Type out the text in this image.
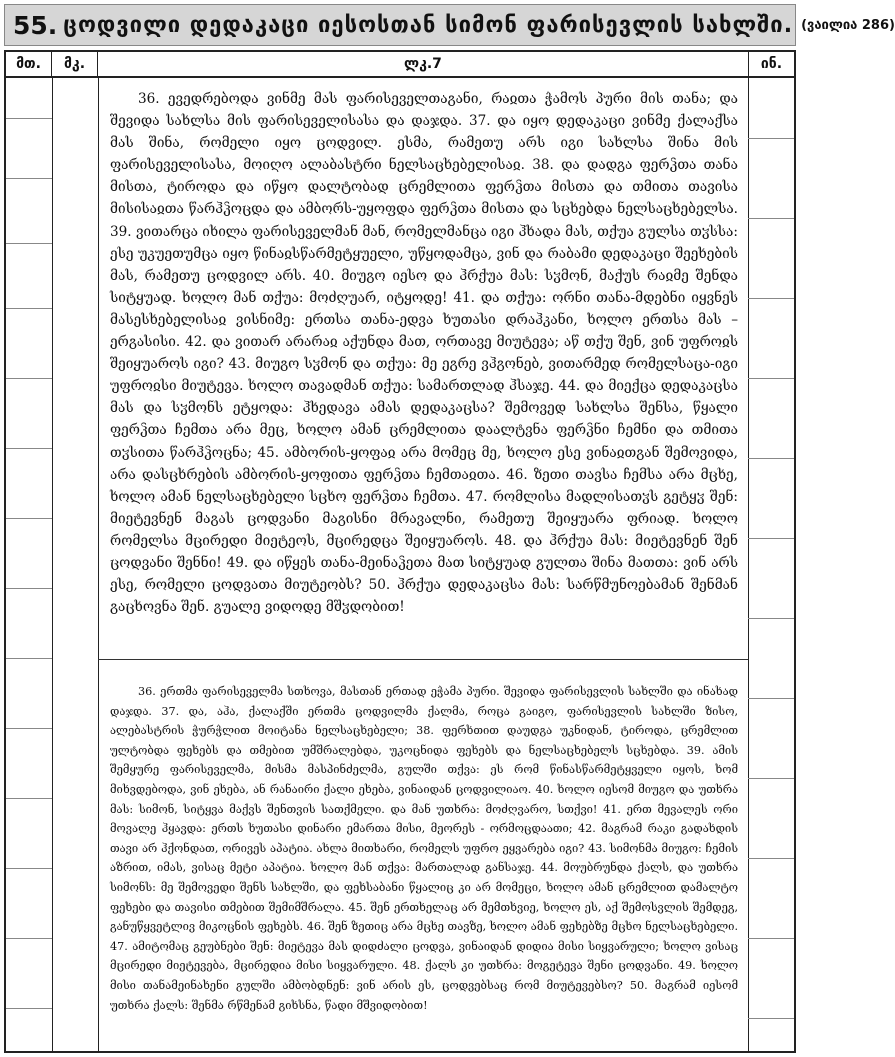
55. ცოდვილი დედაკაცი იესოსთან სიმონ ფარისევლის სახლში. (ვაილია 286)
მთ.	მკ.	ლკ.7	ინ.

36. ევედრებოდა ვინმე მას ფარისეველთაგანი, რაჲთა ჭამოს პური მის თანა; და შევიდა სახლსა მის ფარისეველისასა და დაჯდა. 37. და იყო დედაკაცი ვინმე ქალაქსა მას შინა, რომელი იყო ცოდვილ. ესმა, რამეთუ არს იგი სახლსა შინა მის ფარისეველისასა, მოიღო ალაბასტრი ნელსაცხებელისაჲ. 38. და დადგა ფერჴთა თანა მისთა, ტიროდა და იწყო დალტობად ცრემლითა ფერჴთა მისთა და თმითა თავისა მისისაჲთა წარჰჴოცდა და ამბორს-უყოფდა ფერჴთა მისთა და სცხებდა ნელსაცხებელსა. 39. ვითარცა იხილა ფარისეველმან მან, რომელმანცა იგი ჰხადა მას, თქუა გულსა თჳსსა: ესე უკუეთუმცა იყო წინაჲსწარმეტყუელი, უწყოდამცა, ვინ და რაბამი დედაკაცი შეეხების მას, რამეთუ ცოდვილ არს. 40. მიუგო იესო და ჰრქუა მას: სჳმონ, მაქუს რაჲმე შენდა სიტყუად. ხოლო მან თქუა: მოძღუარ, იტყოდე! 41. და თქუა: ორნი თანა-მდებნი იყვნეს მასესხებელისაჲ ვისნიმე: ერთსა თანა-ედვა ხუთასი დრაჰკანი, ხოლო ერთსა მას – ერგასისი. 42. და ვითარ არარაჲ აქუნდა მათ, ორთავე მიუტევა; აწ თქუ შენ, ვინ უფროჲს შეიყუაროს იგი? 43. მიუგო სჳმონ და თქუა: მე ეგრე ვჰგონებ, ვითარმედ რომელსაცა-იგი უფროჲსი მიუტევა. ხოლო თავადმან თქუა: სამართლად ჰსაჯე. 44. და მიექცა დედაკაცსა მას და სჳმონს ეტყოდა: ჰხედავა ამას დედაკაცსა? შემოვედ სახლსა შენსა, წყალი ფერჴთა ჩემთა არა მეც, ხოლო ამან ცრემლითა დაალტვნა ფერჴნი ჩემნი და თმითა თჳსითა წარჰჴოცნა; 45. ამბორის-ყოფაჲ არა მომეც მე, ხოლო ესე ვინაჲთგან შემოვიდა, არა დასცხრების ამბორის-ყოფითა ფერჴთა ჩემთაჲთა. 46. ზეთი თავსა ჩემსა არა მცხე, ხოლო ამან ნელსაცხებელი სცხო ფერჴთა ჩემთა. 47. რომლისა მადლისათჳს გეტყჳ შენ: მიეტევნენ მაგას ცოდვანი მაგისნი მრავალნი, რამეთუ შეიყუარა ფრიად. ხოლო რომელსა მცირედი მიეტეოს, მცირედცა შეიყუაროს. 48. და ჰრქუა მას: მიეტევნენ შენ ცოდვანი შენნი! 49. და იწყეს თანა-მეინაჴეთა მათ სიტყუად გულთა შინა მათთა: ვინ არს ესე, რომელი ცოდვათა მიუტეობს? 50. ჰრქუა დედაკაცსა მას: სარწმუნოებამან შენმან გაცხოვნა შენ. გუალე ვიდოდე მშჳდობით!

36. ერთმა ფარისეველმა სთხოვა, მასთან ერთად ეჭამა პური. შევიდა ფარისევლის სახლში და ინახად დაჯდა. 37. და, აჰა, ქალაქში ერთმა ცოდვილმა ქალმა, როცა გაიგო, ფარისევლის სახლში ზისო, ალებასტრის ჭურჭლით მოიტანა ნელსაცხებელი; 38. ფერხთით დაუდგა უკნიდან, ტიროდა, ცრემლით ულტობდა ფეხებს და თმებით უმშრალებდა, უკოცნიდა ფეხებს და ნელსაცხებელს სცხებდა. 39. ამის შემყურე ფარისეველმა, მისმა მასპინძელმა, გულში თქვა: ეს რომ წინასწარმეტყველი იყოს, ხომ მიხვდებოდა, ვინ ეხება, ან რანაირი ქალი ეხება, ვინაიდან ცოდვილიაო. 40. ხოლო იესომ მიუგო და უთხრა მას: სიმონ, სიტყვა მაქვს შენთვის სათქმელი. და მან უთხრა: მოძღვარო, სთქვი! 41. ერთ მევალეს ორი მოვალე ჰყავდა: ერთს ხუთასი დინარი ემართა მისი, მეორეს - ორმოცდაათი; 42. მაგრამ რაკი გადახდის თავი არ ჰქონდათ, ორივეს აპატია. ახლა მითხარი, რომელს უფრო ეყვარება იგი? 43. სიმონმა მიუგო: ჩემის აზრით, იმას, ვისაც მეტი აპატია. ხოლო მან თქვა: მართალად განსაჯე. 44. მოუბრუნდა ქალს, და უთხრა სიმონს: მე შემოვედი შენს სახლში, და ფეხსაბანი წყალიც კი არ მომეცი, ხოლო ამან ცრემლით დამალტო ფეხები და თავისი თმებით შემიმშრალა. 45. შენ ერთხელაც არ მემთხვიე, ხოლო ეს, აქ შემოსვლის შემდეგ, განუწყვეტლივ მიკოცნის ფეხებს. 46. შენ ზეთიც არა მცხე თავზე, ხოლო ამან ფეხებზე მცხო ნელსაცხებელი. 47. ამიტომაც გეუბნები შენ: მიეტევა მას დიდძალი ცოდვა, ვინაიდან დიდია მისი სიყვარული; ხოლო ვისაც მცირედი მიეტევება, მცირედია მისი სიყვარული. 48. ქალს კი უთხრა: მოგეტევა შენი ცოდვანი. 49. ხოლო მისი თანამეინახენი გულში ამბობდნენ: ვინ არის ეს, ცოდვებსაც რომ მიუტევებსო? 50. მაგრამ იესომ უთხრა ქალს: შენმა რწმენამ გიხსნა, წადი მშვიდობით!
